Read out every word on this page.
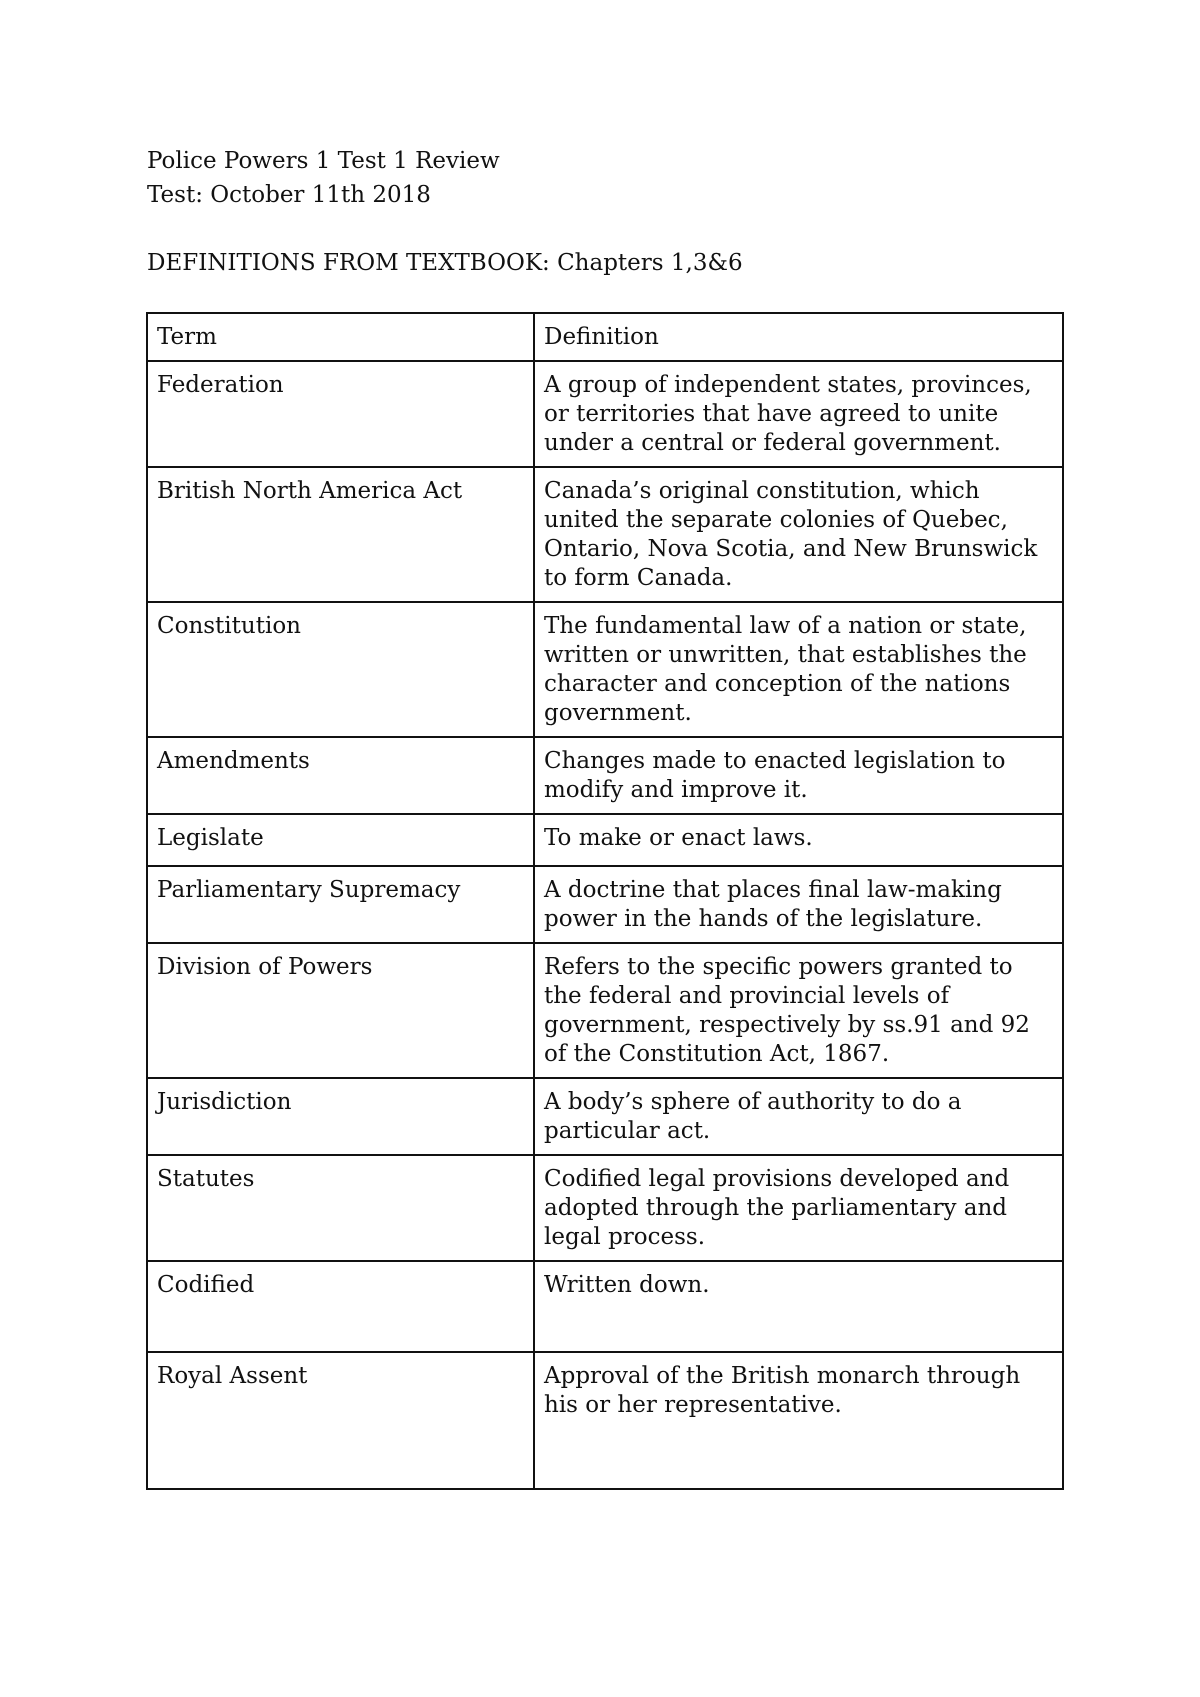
Police Powers 1 Test 1 Review
Test: October 11th 2018
DEFINITIONS FROM TEXTBOOK: Chapters 1,3&6
Term	Definition
Federation	A group of independent states, provinces, or territories that have agreed to unite under a central or federal government.
British North America Act	Canada’s original constitution, which united the separate colonies of Quebec, Ontario, Nova Scotia, and New Brunswick to form Canada.
Constitution	The fundamental law of a nation or state, written or unwritten, that establishes the character and conception of the nations government.
Amendments	Changes made to enacted legislation to modify and improve it.
Legislate	To make or enact laws.
Parliamentary Supremacy	A doctrine that places final law-making power in the hands of the legislature.
Division of Powers	Refers to the specific powers granted to the federal and provincial levels of government, respectively by ss.91 and 92 of the Constitution Act, 1867.
Jurisdiction	A body’s sphere of authority to do a particular act.
Statutes	Codified legal provisions developed and adopted through the parliamentary and legal process.
Codified	Written down.
Royal Assent	Approval of the British monarch through his or her representative.
